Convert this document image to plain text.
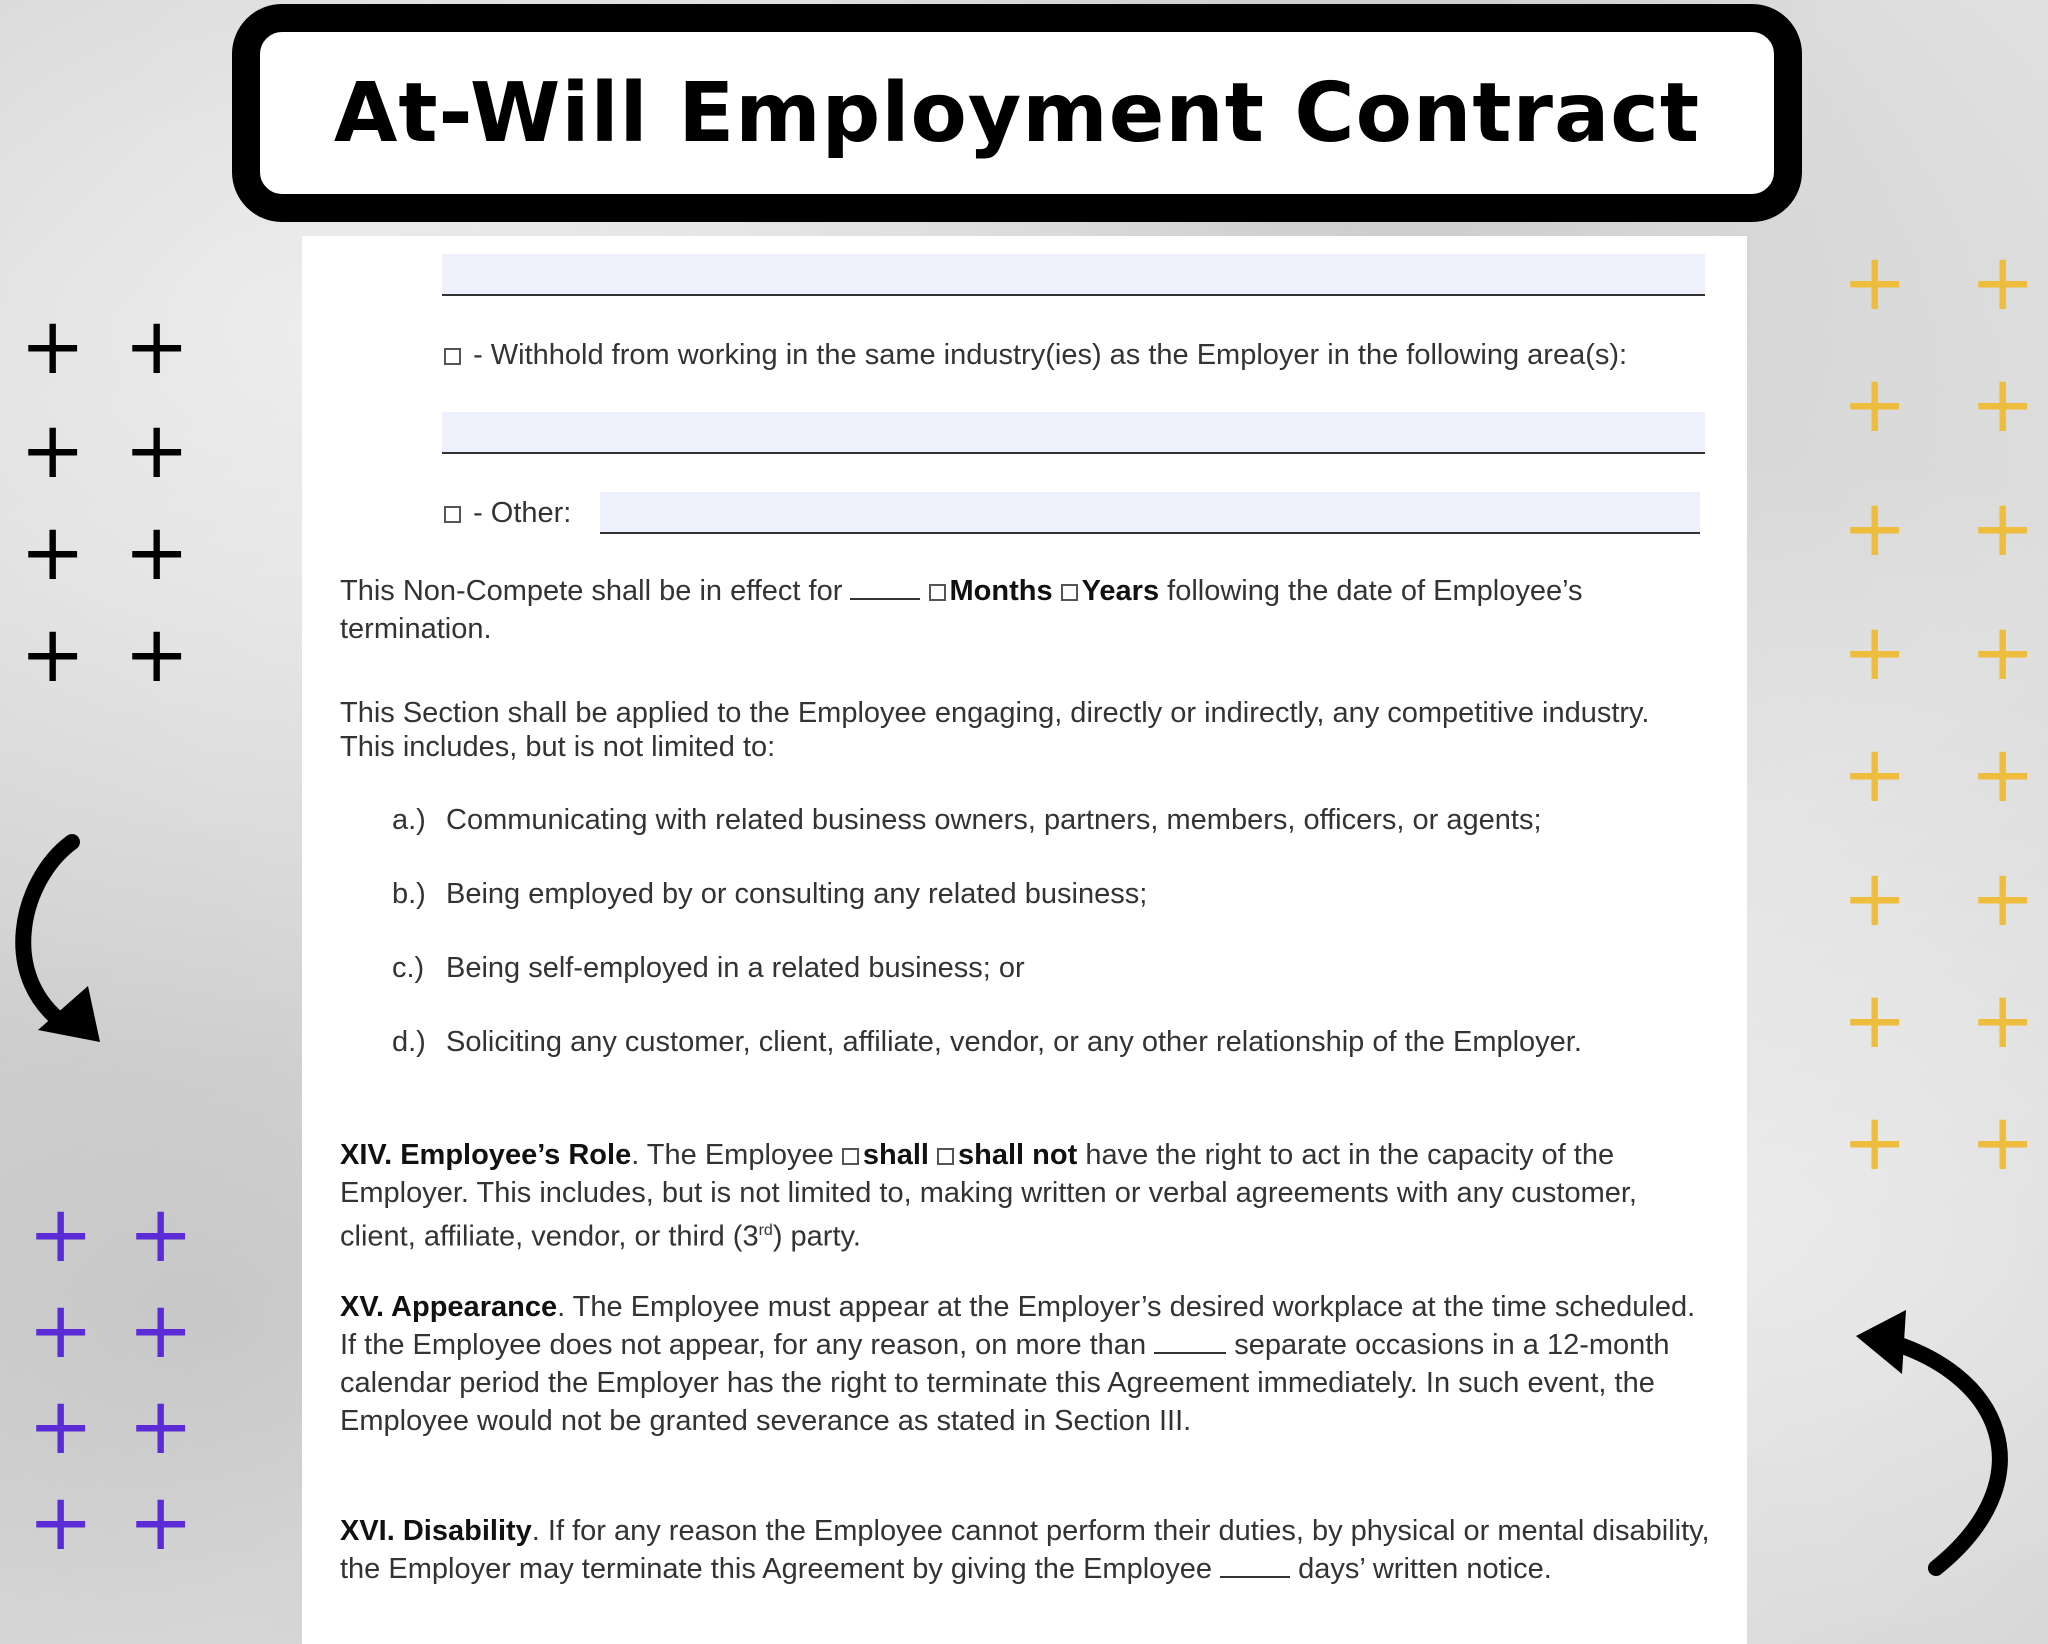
At-Will Employment Contract
+ +
+ +
+ +
+ +
+ +
+ +
+ +
+ +
+ +
+ +
+ +
+ +
+ +
+ +
+ +
+ +
- Withhold from working in the same industry(ies) as the Employer in the following area(s):
- Other:
This Non-Compete shall be in effect for	Months Years following the date of Employee’s termination.
This Section shall be applied to the Employee engaging, directly or indirectly, any competitive industry. This includes, but is not limited to:
a.) Communicating with related business owners, partners, members, officers, or agents;
b.) Being employed by or consulting any related business;
c.) Being self-employed in a related business; or
d.) Soliciting any customer, client, affiliate, vendor, or any other relationship of the Employer.
XIV. Employee’s Role. The Employee shall shall not have the right to act in the capacity of the Employer. This includes, but is not limited to, making written or verbal agreements with any customer, client, affiliate, vendor, or third (3rd) party.
XV. Appearance. The Employee must appear at the Employer’s desired workplace at the time scheduled. If the Employee does not appear, for any reason, on more than	separate occasions in a 12-month calendar period the Employer has the right to terminate this Agreement immediately. In such event, the Employee would not be granted severance as stated in Section III.
XVI. Disability. If for any reason the Employee cannot perform their duties, by physical or mental disability, the Employer may terminate this Agreement by giving the Employee	days’ written notice.
